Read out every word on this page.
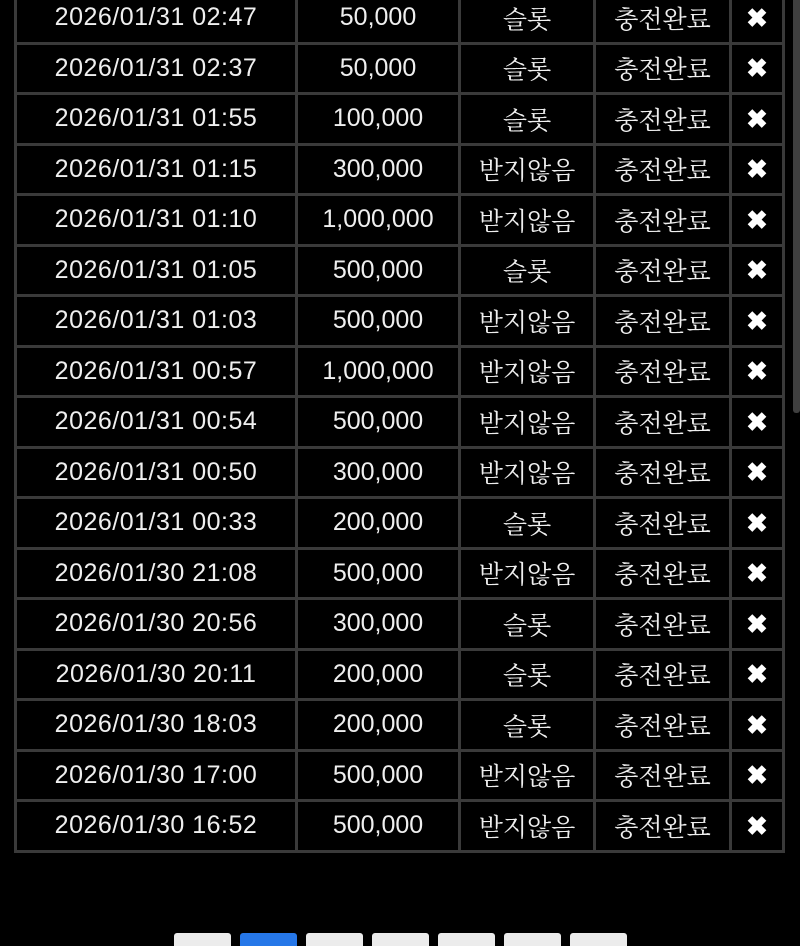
2026/01/31 02:47	50,000	슬롯	충전완료	✖
2026/01/31 02:37	50,000	슬롯	충전완료	✖
2026/01/31 01:55	100,000	슬롯	충전완료	✖
2026/01/31 01:15	300,000	받지않음	충전완료	✖
2026/01/31 01:10	1,000,000	받지않음	충전완료	✖
2026/01/31 01:05	500,000	슬롯	충전완료	✖
2026/01/31 01:03	500,000	받지않음	충전완료	✖
2026/01/31 00:57	1,000,000	받지않음	충전완료	✖
2026/01/31 00:54	500,000	받지않음	충전완료	✖
2026/01/31 00:50	300,000	받지않음	충전완료	✖
2026/01/31 00:33	200,000	슬롯	충전완료	✖
2026/01/30 21:08	500,000	받지않음	충전완료	✖
2026/01/30 20:56	300,000	슬롯	충전완료	✖
2026/01/30 20:11	200,000	슬롯	충전완료	✖
2026/01/30 18:03	200,000	슬롯	충전완료	✖
2026/01/30 17:00	500,000	받지않음	충전완료	✖
2026/01/30 16:52	500,000	받지않음	충전완료	✖
